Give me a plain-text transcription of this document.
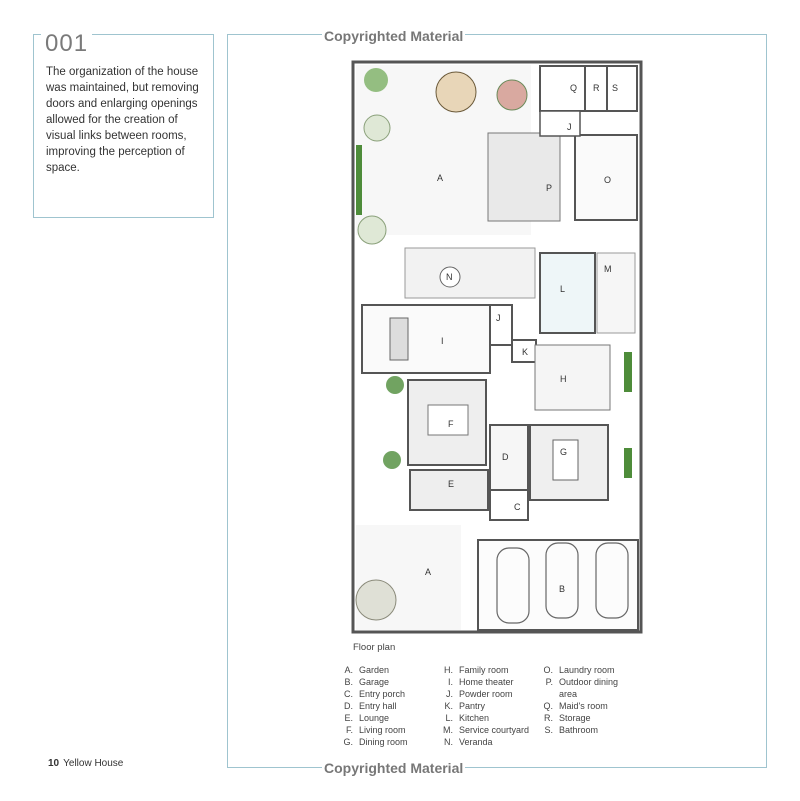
001
The organization of the house was maintained, but removing doors and enlarging openings allowed for the creation of visual links between rooms, improving the perception of space.
Copyrighted Material
Copyrighted Material
A
A
B
C
D
E
F
G
H
I
J
J
K
L
M
N
O
P
Q R S
Floor plan
A. Garden
B. Garage
C. Entry porch
D. Entry hall
E. Lounge
F. Living room
G. Dining room
H. Family room
I. Home theater
J. Powder room
K. Pantry
L. Kitchen
M. Service courtyard
N. Veranda
O. Laundry room
P. Outdoor dining
area
Q. Maid's room
R. Storage
S. Bathroom
10 Yellow House
